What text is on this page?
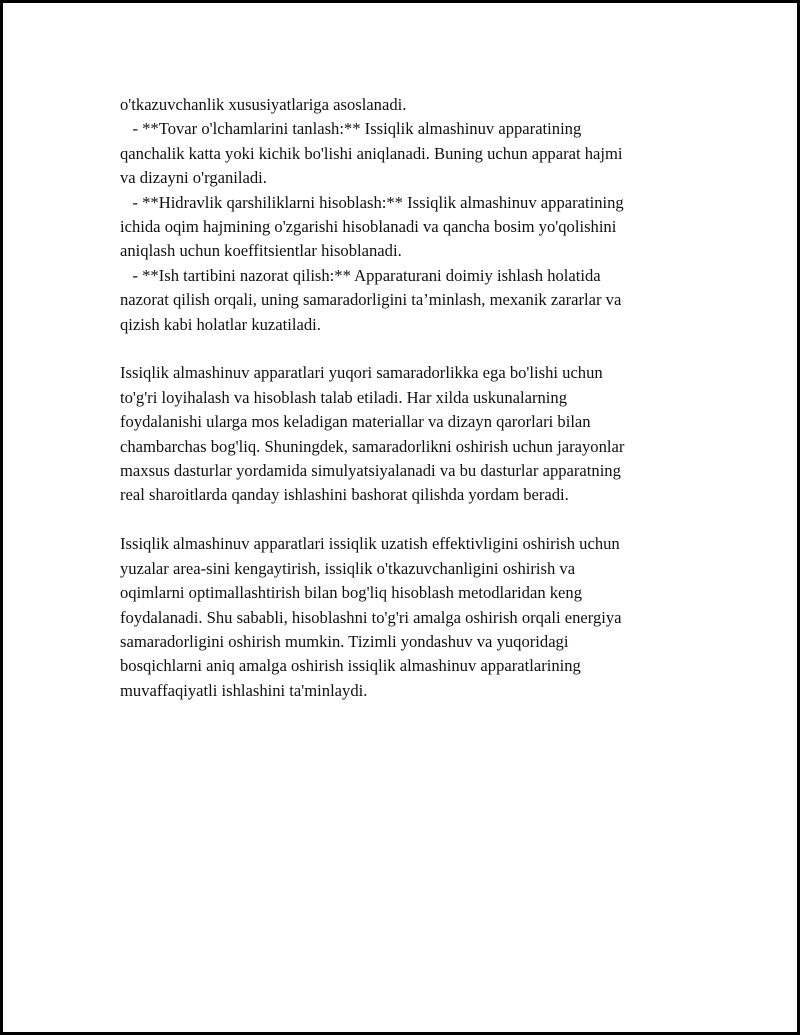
o'tkazuvchanlik xususiyatlariga asoslanadi.
- **Tovar o'lchamlarini tanlash:** Issiqlik almashinuv apparatining
qanchalik katta yoki kichik bo'lishi aniqlanadi. Buning uchun apparat hajmi
va dizayni o'rganiladi.
- **Hidravlik qarshiliklarni hisoblash:** Issiqlik almashinuv apparatining
ichida oqim hajmining o'zgarishi hisoblanadi va qancha bosim yo'qolishini
aniqlash uchun koeffitsientlar hisoblanadi.
- **Ish tartibini nazorat qilish:** Apparaturani doimiy ishlash holatida
nazorat qilish orqali, uning samaradorligini ta’minlash, mexanik zararlar va
qizish kabi holatlar kuzatiladi.
Issiqlik almashinuv apparatlari yuqori samaradorlikka ega bo'lishi uchun
to'g'ri loyihalash va hisoblash talab etiladi. Har xilda uskunalarning
foydalanishi ularga mos keladigan materiallar va dizayn qarorlari bilan
chambarchas bog'liq. Shuningdek, samaradorlikni oshirish uchun jarayonlar
maxsus dasturlar yordamida simulyatsiyalanadi va bu dasturlar apparatning
real sharoitlarda qanday ishlashini bashorat qilishda yordam beradi.
Issiqlik almashinuv apparatlari issiqlik uzatish effektivligini oshirish uchun
yuzalar area-sini kengaytirish, issiqlik o'tkazuvchanligini oshirish va
oqimlarni optimallashtirish bilan bog'liq hisoblash metodlaridan keng
foydalanadi. Shu sababli, hisoblashni to'g'ri amalga oshirish orqali energiya
samaradorligini oshirish mumkin. Tizimli yondashuv va yuqoridagi
bosqichlarni aniq amalga oshirish issiqlik almashinuv apparatlarining
muvaffaqiyatli ishlashini ta'minlaydi.
